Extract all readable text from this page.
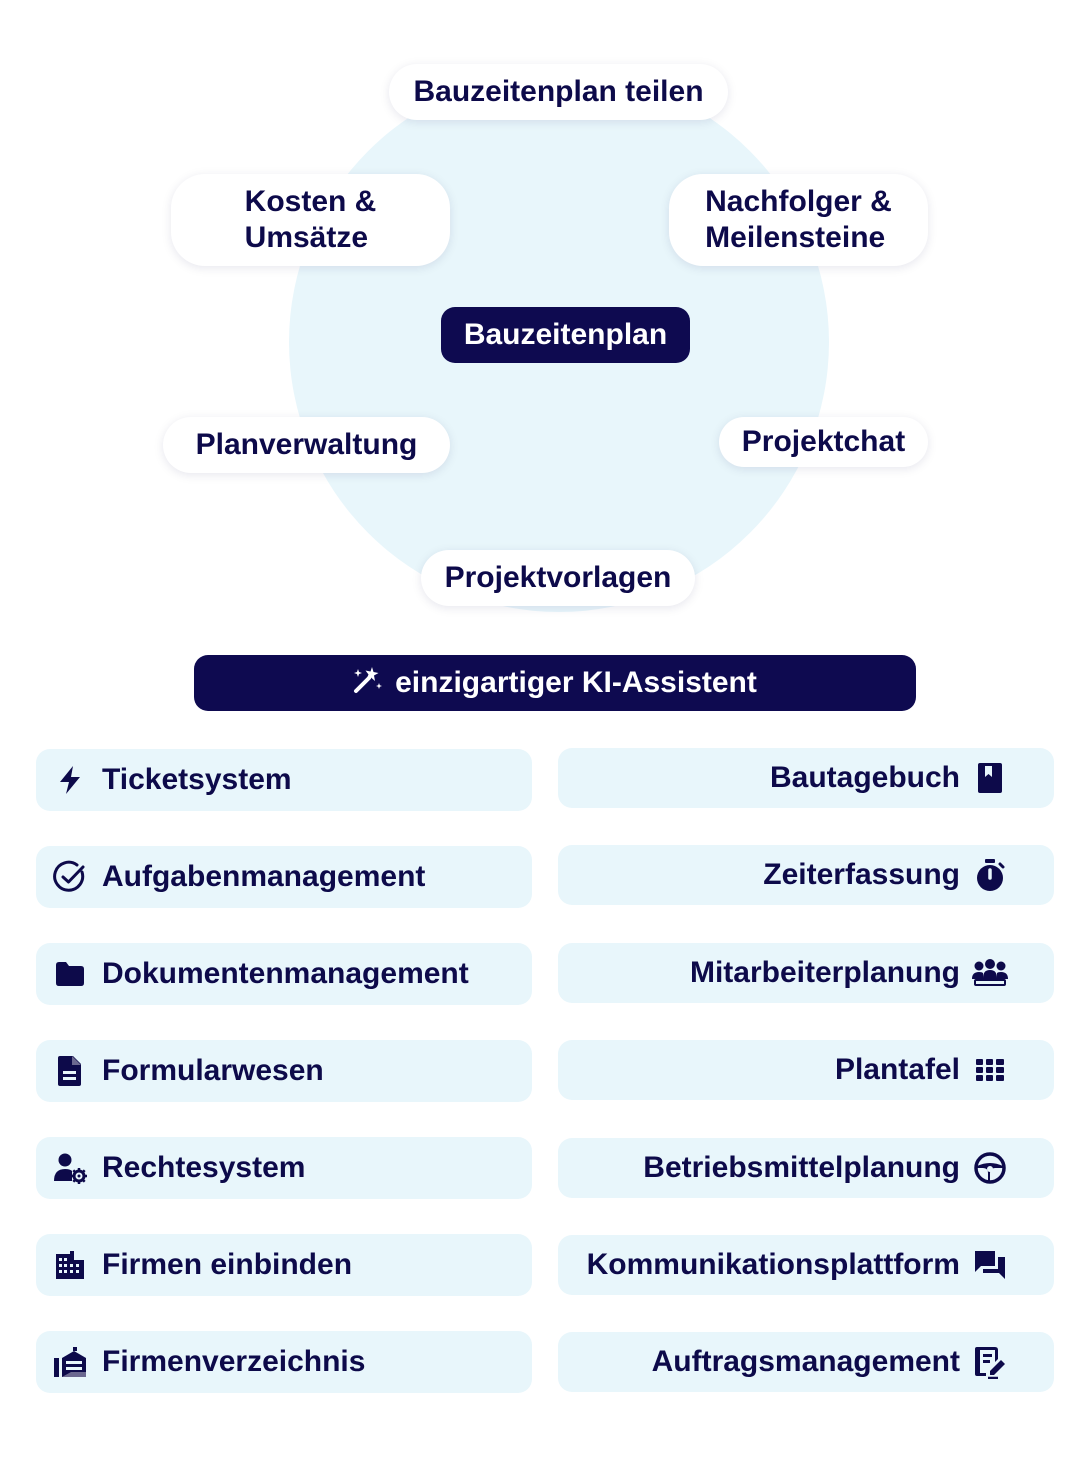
Bauzeitenplan teilen
Kosten &
Umsätze
Nachfolger &
Meilensteine
Bauzeitenplan
Planverwaltung	Projektchat
Projektvorlagen
einzigartiger KI-Assistent
Ticketsystem
Aufgabenmanagement
Dokumentenmanagement
Formularwesen
Rechtesystem
Firmen einbinden
Firmenverzeichnis
Bautagebuch
Zeiterfassung
Mitarbeiterplanung
Plantafel
Betriebsmittelplanung
Kommunikationsplattform
Auftragsmanagement
